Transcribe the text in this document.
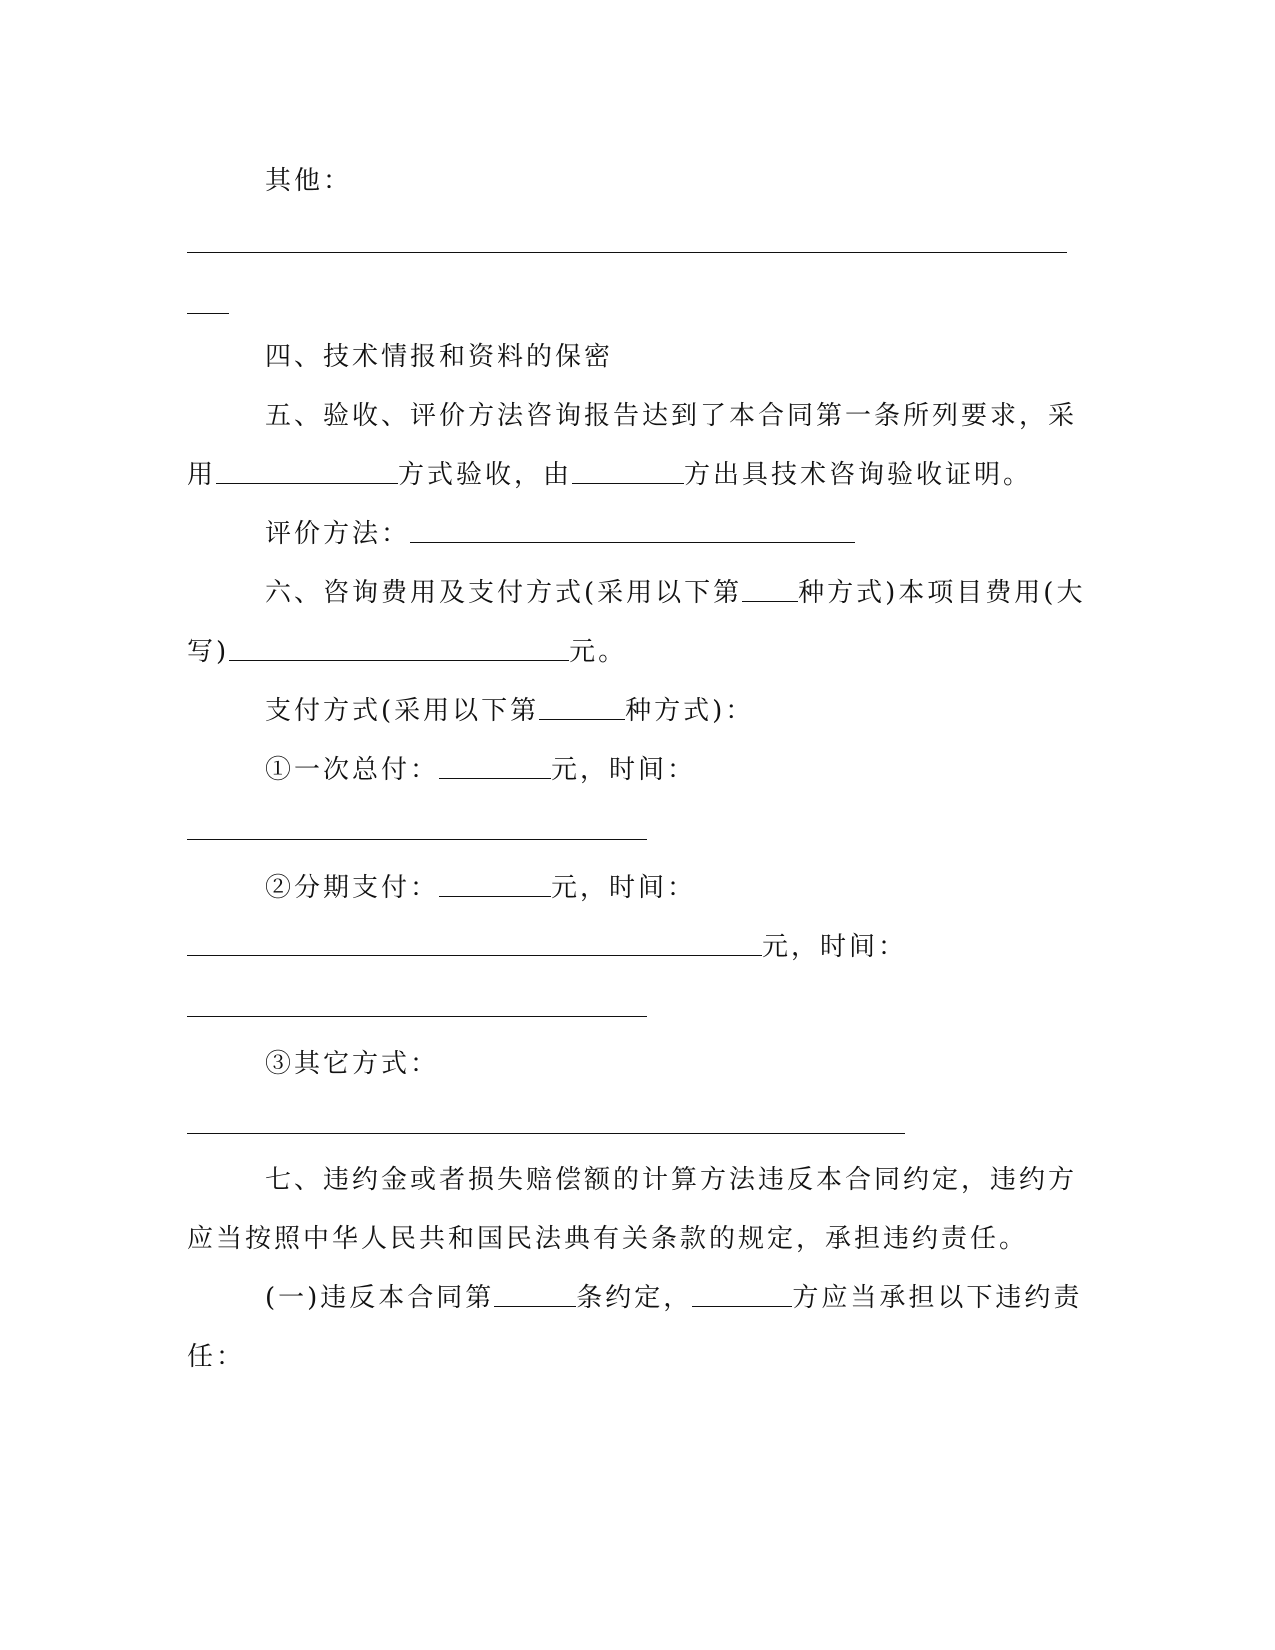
其他：
四、技术情报和资料的保密
五、验收、评价方法咨询报告达到了本合同第一条所列要求，采
用	方式验收，由	方出具技术咨询验收证明。
评价方法：
六、咨询费用及支付方式(采用以下第 种方式)本项目费用(大
写)	元。
支付方式(采用以下第	种方式)：
①一次总付：	元，时间：
②分期支付：	元，时间：
元，时间：
③其它方式：
七、违约金或者损失赔偿额的计算方法违反本合同约定，违约方
应当按照中华人民共和国民法典有关条款的规定，承担违约责任。
(一)违反本合同第	条约定，	方应当承担以下违约责
任：
